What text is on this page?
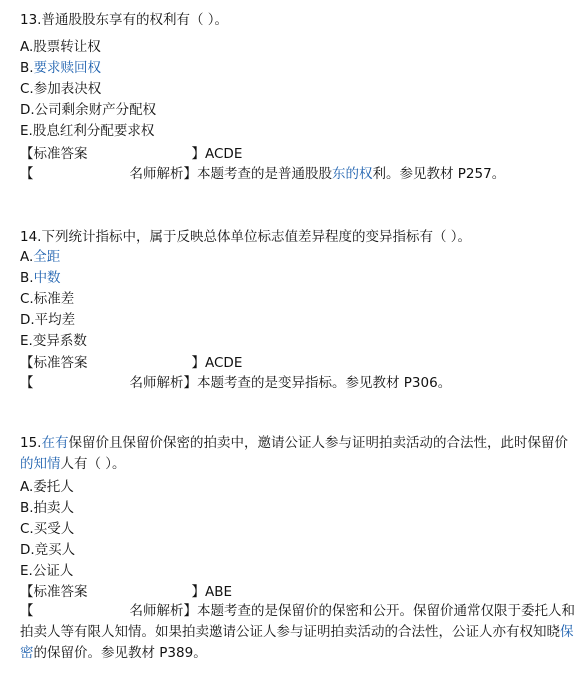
13.普通股股东享有的权利有（ ）。
A.股票转让权
B.要求赎回权
C.参加表决权
D.公司剩余财产分配权
E.股息红利分配要求权
【标准答案	】ACDE
【	名师解析】本题考查的是普通股股东的权利。参见教材 P257。
14.下列统计指标中，属于反映总体单位标志值差异程度的变异指标有（ ）。
A.全距
B.中数
C.标准差
D.平均差
E.变异系数
【标准答案	】ACDE
【	名师解析】本题考查的是变异指标。参见教材 P306。
15.在有保留价且保留价保密的拍卖中，邀请公证人参与证明拍卖活动的合法性，此时保留价的知情人有（ ）。
A.委托人
B.拍卖人
C.买受人
D.竞买人
E.公证人
【标准答案	】ABE
【	名师解析】本题考查的是保留价的保密和公开。保留价通常仅限于委托人和拍卖人等有限人知情。如果拍卖邀请公证人参与证明拍卖活动的合法性，公证人亦有权知晓保密的保留价。参见教材 P389。
